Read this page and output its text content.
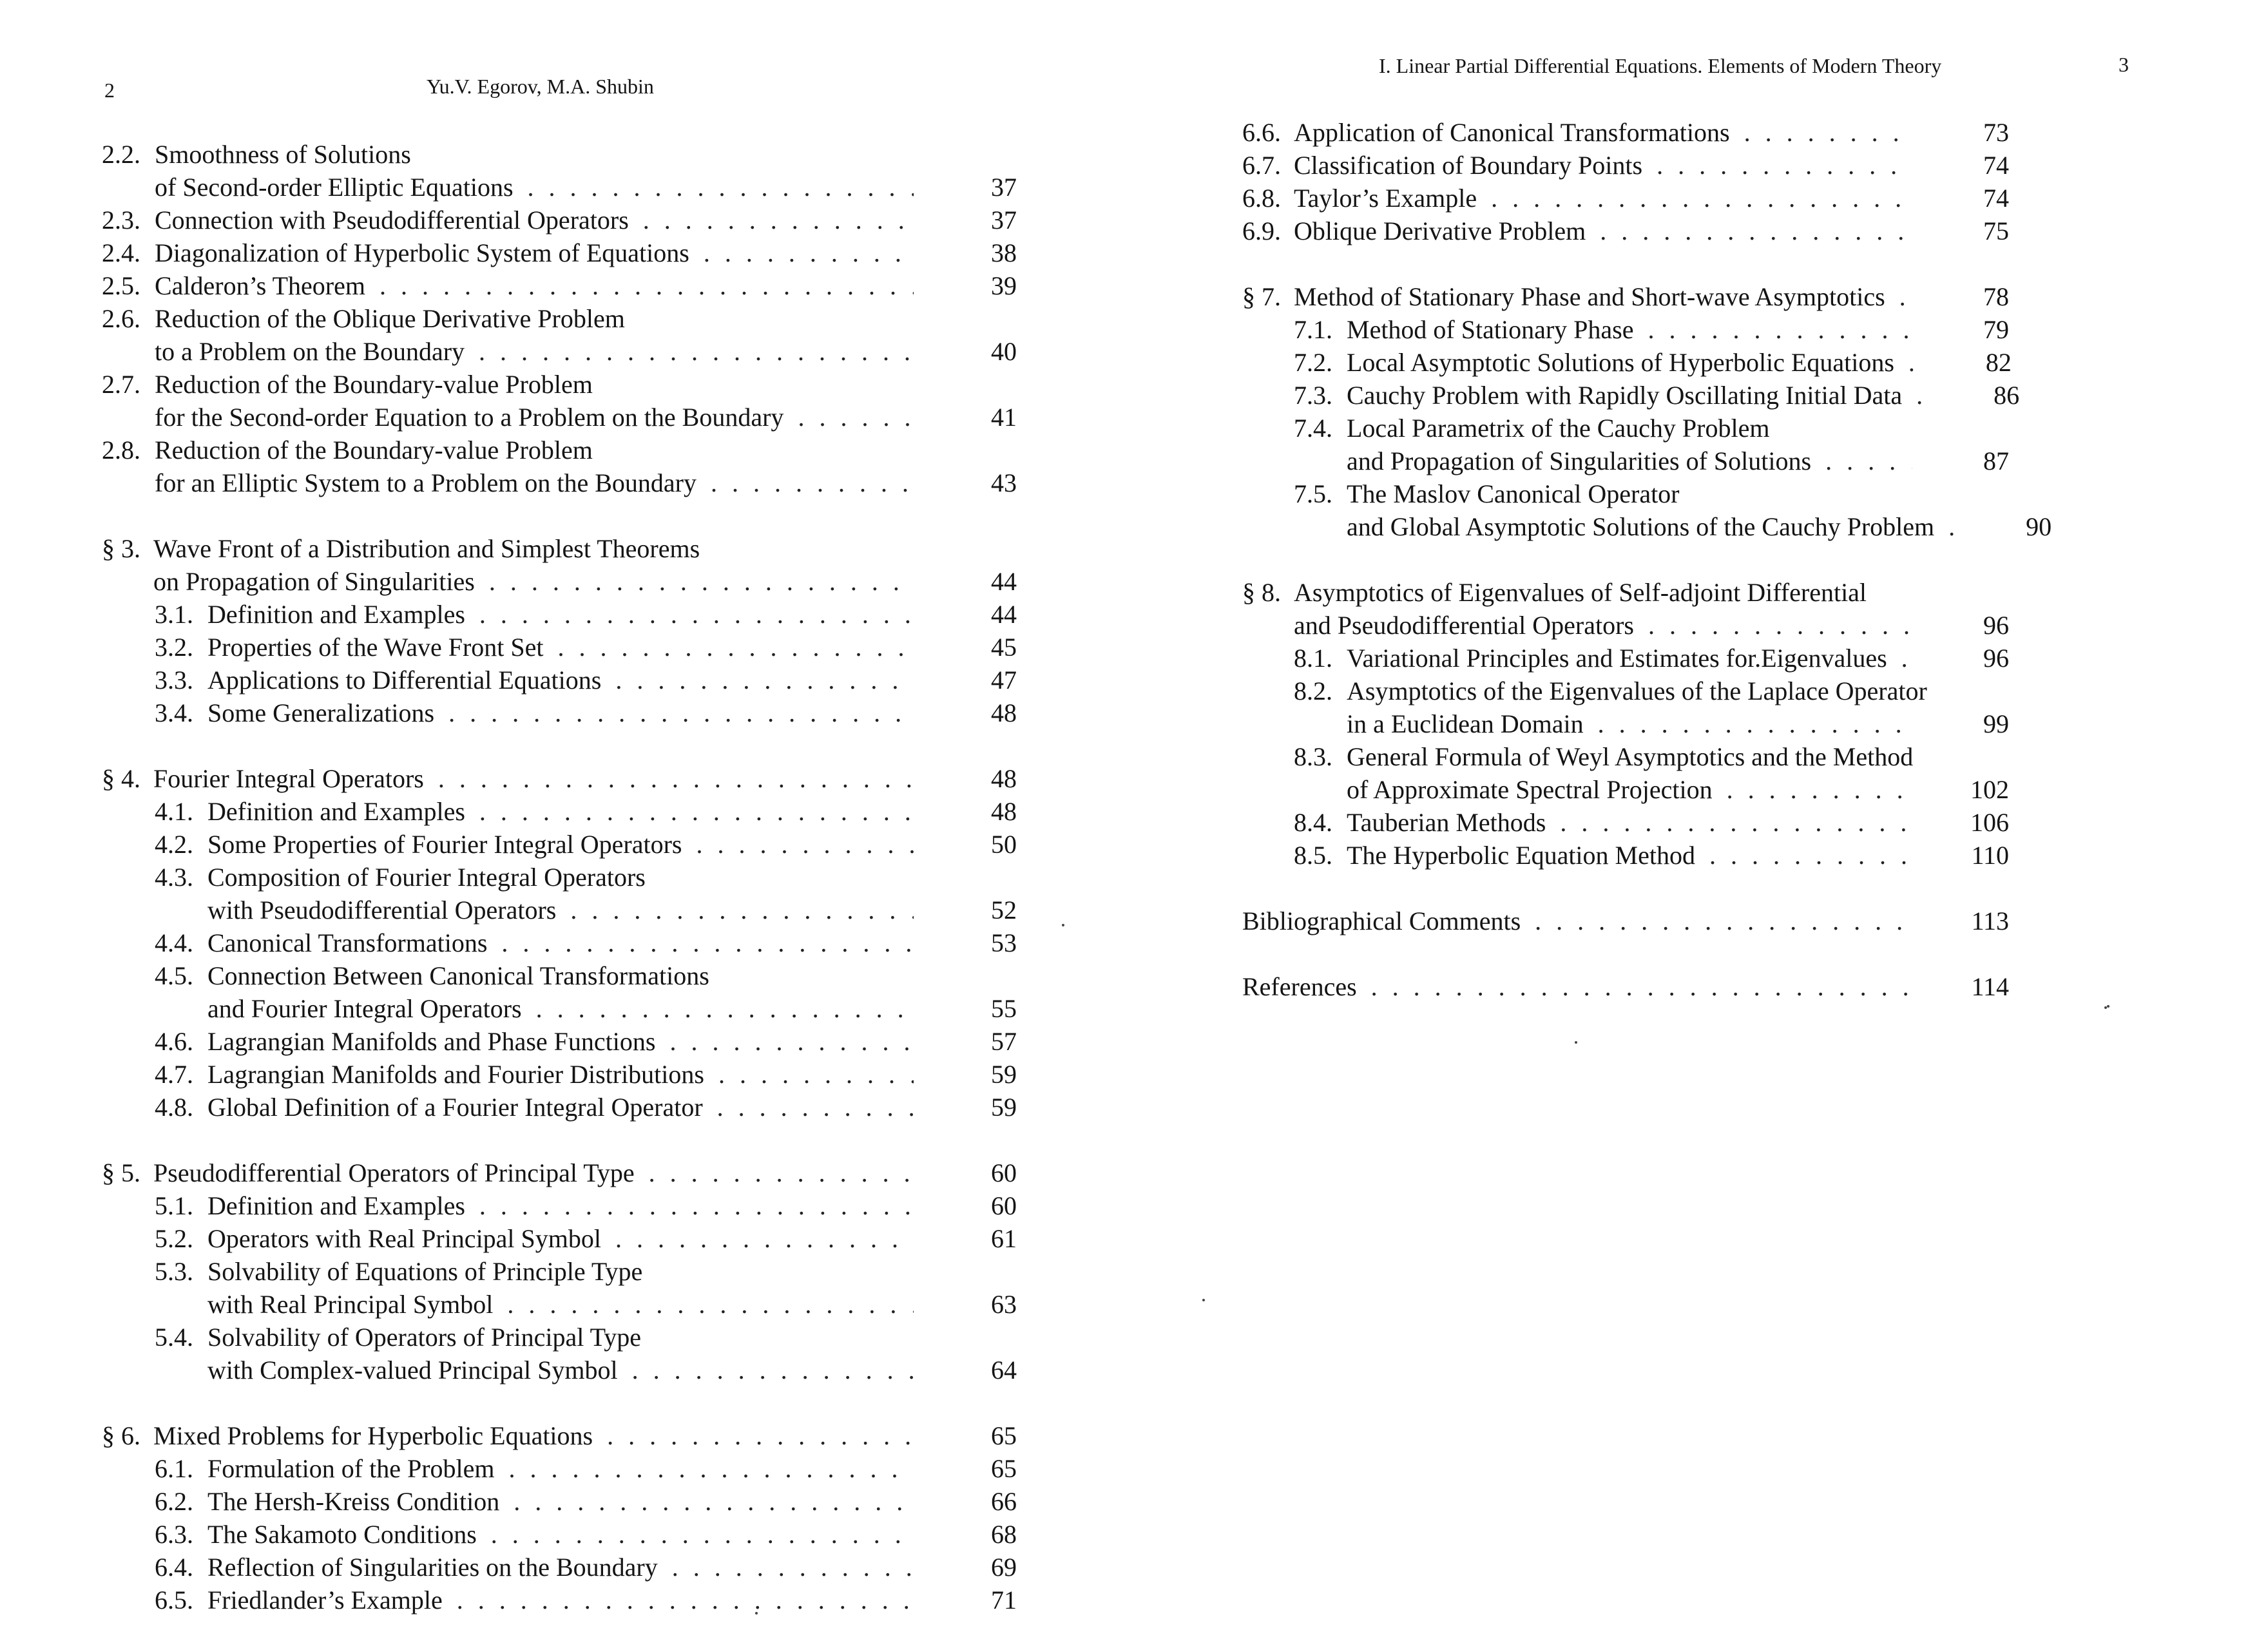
2	Yu.V. Egorov, M.A. Shubin
2.2. Smoothness of Solutions
of Second-order Elliptic Equations . . .	37
2.3. Connection with Pseudodifferential Operators . . .	37
2.4. Diagonalization of Hyperbolic System of Equations . . .	38
2.5. Calderon’s Theorem . . .	39
2.6. Reduction of the Oblique Derivative Problem
to a Problem on the Boundary . . .	40
2.7. Reduction of the Boundary-value Problem
for the Second-order Equation to a Problem on the Boundary . . .	41
2.8. Reduction of the Boundary-value Problem
for an Elliptic System to a Problem on the Boundary . . .	43
§ 3. Wave Front of a Distribution and Simplest Theorems
on Propagation of Singularities . . .	44
3.1. Definition and Examples . . .	44
3.2. Properties of the Wave Front Set . . .	45
3.3. Applications to Differential Equations . . .	47
3.4. Some Generalizations . . .	48
§ 4. Fourier Integral Operators . . .	48
4.1. Definition and Examples . . .	48
4.2. Some Properties of Fourier Integral Operators . . .	50
4.3. Composition of Fourier Integral Operators
with Pseudodifferential Operators . . .	52
4.4. Canonical Transformations . . .	53
4.5. Connection Between Canonical Transformations
and Fourier Integral Operators . . .	55
4.6. Lagrangian Manifolds and Phase Functions . . .	57
4.7. Lagrangian Manifolds and Fourier Distributions . . .	59
4.8. Global Definition of a Fourier Integral Operator . . .	59
§ 5. Pseudodifferential Operators of Principal Type . . .	60
5.1. Definition and Examples . . .	60
5.2. Operators with Real Principal Symbol . . .	61
5.3. Solvability of Equations of Principle Type
with Real Principal Symbol . . .	63
5.4. Solvability of Operators of Principal Type
with Complex-valued Principal Symbol . . .	64
§ 6. Mixed Problems for Hyperbolic Equations . . .	65
6.1. Formulation of the Problem . . .	65
6.2. The Hersh-Kreiss Condition . . .	66
6.3. The Sakamoto Conditions . . .	68
6.4. Reflection of Singularities on the Boundary . . .	69
6.5. Friedlander’s Example . . .	71
I. Linear Partial Differential Equations. Elements of Modern Theory	3
6.6. Application of Canonical Transformations . . .	73
6.7. Classification of Boundary Points . . .	74
6.8. Taylor’s Example . . .	74
6.9. Oblique Derivative Problem . . .	75
§ 7. Method of Stationary Phase and Short-wave Asymptotics . . .	78
7.1. Method of Stationary Phase . . .	79
7.2. Local Asymptotic Solutions of Hyperbolic Equations . . .	82
7.3. Cauchy Problem with Rapidly Oscillating Initial Data . . .	86
7.4. Local Parametrix of the Cauchy Problem
and Propagation of Singularities of Solutions . . .	87
7.5. The Maslov Canonical Operator
and Global Asymptotic Solutions of the Cauchy Problem . . .	90
§ 8. Asymptotics of Eigenvalues of Self-adjoint Differential
and Pseudodifferential Operators . . .	96
8.1. Variational Principles and Estimates for.Eigenvalues . . .	96
8.2. Asymptotics of the Eigenvalues of the Laplace Operator
in a Euclidean Domain . . .	99
8.3. General Formula of Weyl Asymptotics and the Method
of Approximate Spectral Projection . . .	102
8.4. Tauberian Methods . . .	106
8.5. The Hyperbolic Equation Method . . .	110
Bibliographical Comments . . .	113
References . . .	114
